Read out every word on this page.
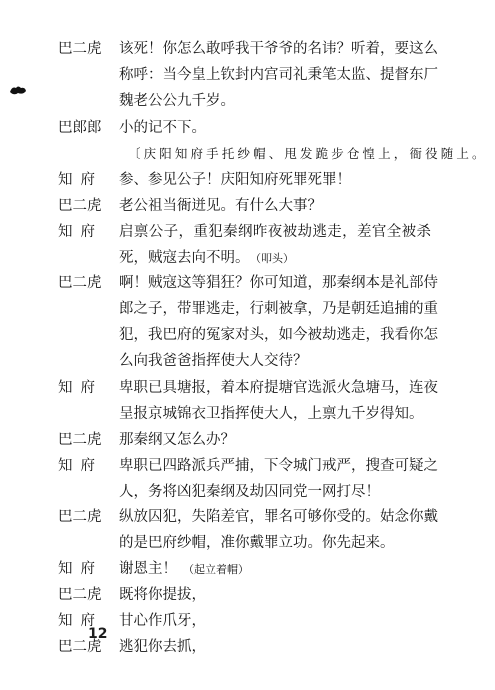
巴二虎	该死！你怎么敢呼我干爷爷的名讳？听着，要这么
称呼：当今皇上钦封内宫司礼秉笔太监、提督东厂
魏老公公九千岁。
巴郎郎	小的记不下。
〔庆阳知府手托纱帽、甩发跪步仓惶上，衙役随上。
知府	参、参见公子！庆阳知府死罪死罪！
巴二虎	老公祖当衙迸见。有什么大事？
知府	启禀公子，重犯秦纲昨夜被劫逃走，差官全被杀
死，贼寇去向不明。 （叩头）
巴二虎	啊！贼寇这等猖狂？你可知道，那秦纲本是礼部侍
郎之子，带罪逃走，行刺被拿，乃是朝廷追捕的重
犯，我巴府的冤家对头，如今被劫逃走，我看你怎
么向我爸爸指挥使大人交待？
知府	卑职已具塘报，着本府提塘官选派火急塘马，连夜
呈报京城锦衣卫指挥使大人，上禀九千岁得知。
巴二虎	那秦纲又怎么办？
知府	卑职已四路派兵严捕，下令城门戒严，搜查可疑之
人，务将凶犯秦纲及劫囚同党一网打尽！
巴二虎	纵放囚犯，失陷差官，罪名可够你受的。姑念你戴
的是巴府纱帽，准你戴罪立功。你先起来。
知府	谢恩主！ （起立着帽）
巴二虎	既将你提拔，
知府	甘心作爪牙，
巴二虎	逃犯你去抓，
12
